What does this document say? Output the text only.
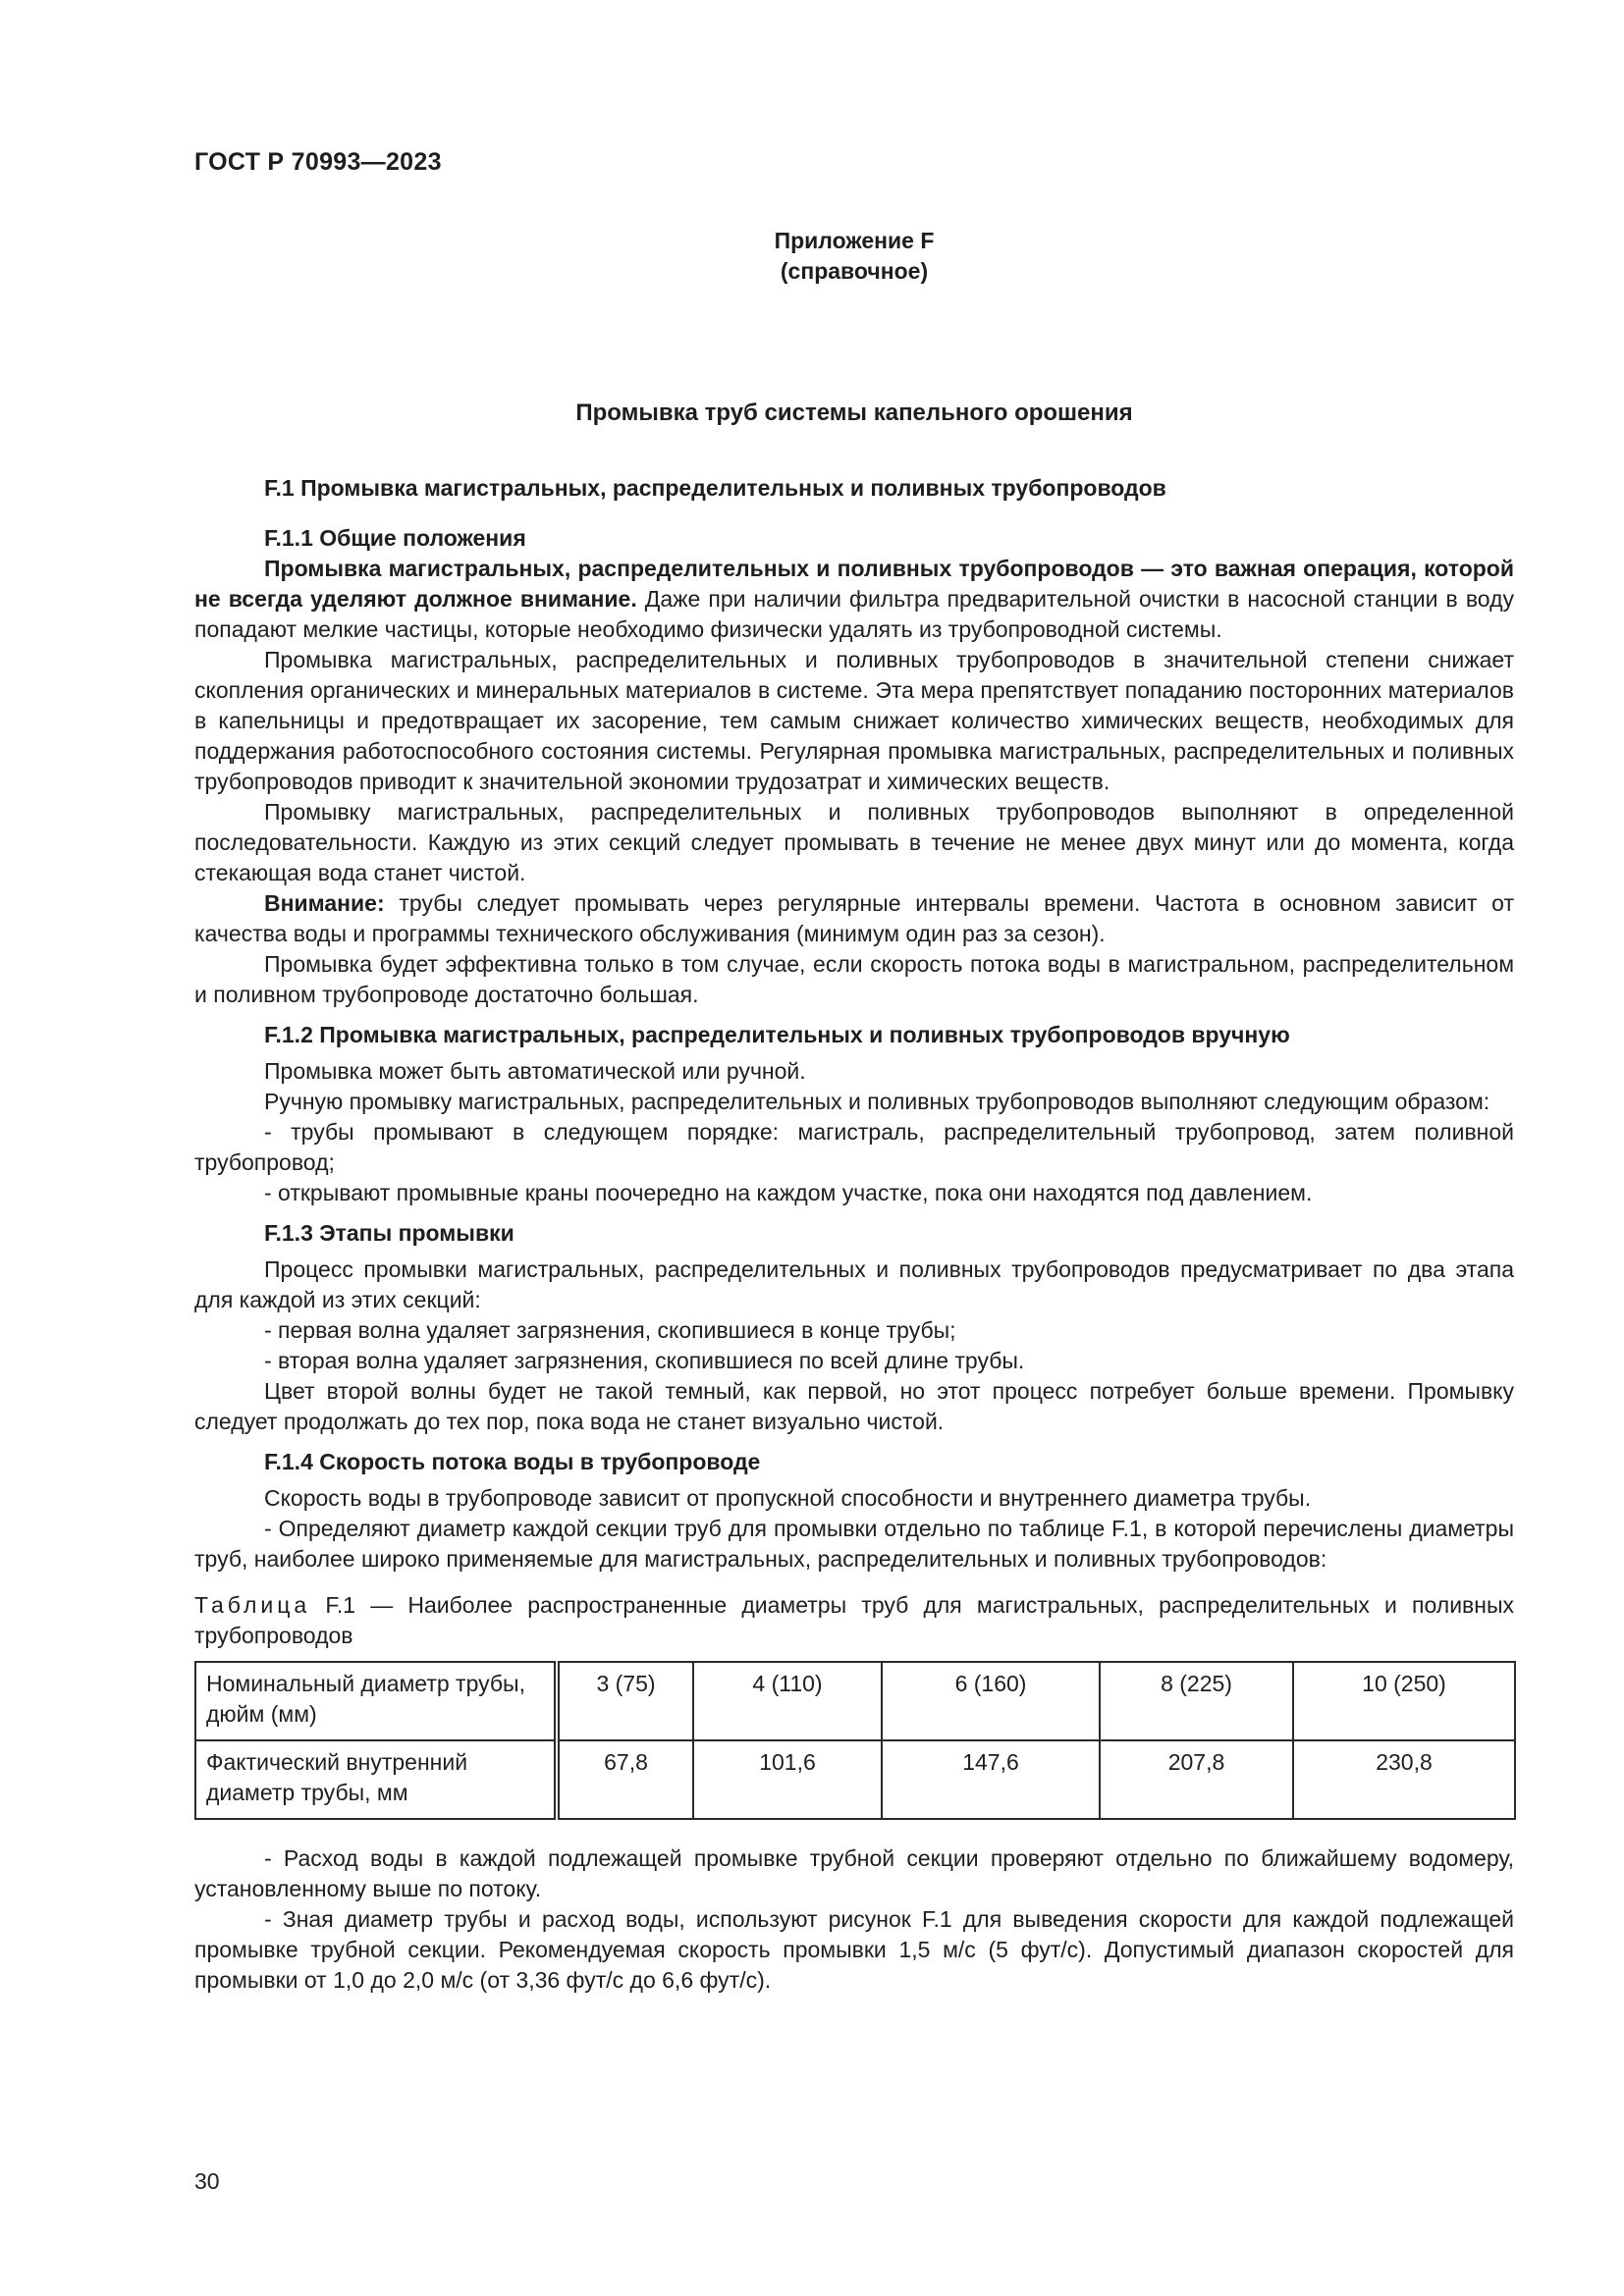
ГОСТ Р 70993—2023
Приложение F
(справочное)
Промывка труб системы капельного орошения
F.1 Промывка магистральных, распределительных и поливных трубопроводов
F.1.1 Общие положения

Промывка магистральных, распределительных и поливных трубопроводов — это важная операция, которой не всегда уделяют должное внимание. Даже при наличии фильтра предварительной очистки в насосной станции в воду попадают мелкие частицы, которые необходимо физически удалять из трубопроводной системы.

Промывка магистральных, распределительных и поливных трубопроводов в значительной степени снижает скопления органических и минеральных материалов в системе. Эта мера препятствует попаданию посторонних материалов в капельницы и предотвращает их засорение, тем самым снижает количество химических веществ, необходимых для поддержания работоспособного состояния системы. Регулярная промывка магистральных, распределительных и поливных трубопроводов приводит к значительной экономии трудозатрат и химических веществ.

Промывку магистральных, распределительных и поливных трубопроводов выполняют в определенной последовательности. Каждую из этих секций следует промывать в течение не менее двух минут или до момента, когда стекающая вода станет чистой.

Внимание: трубы следует промывать через регулярные интервалы времени. Частота в основном зависит от качества воды и программы технического обслуживания (минимум один раз за сезон).

Промывка будет эффективна только в том случае, если скорость потока воды в магистральном, распределительном и поливном трубопроводе достаточно большая.

F.1.2 Промывка магистральных, распределительных и поливных трубопроводов вручную

Промывка может быть автоматической или ручной.

Ручную промывку магистральных, распределительных и поливных трубопроводов выполняют следующим образом:

- трубы промывают в следующем порядке: магистраль, распределительный трубопровод, затем поливной трубопровод;

- открывают промывные краны поочередно на каждом участке, пока они находятся под давлением.

F.1.3 Этапы промывки

Процесс промывки магистральных, распределительных и поливных трубопроводов предусматривает по два этапа для каждой из этих секций:

- первая волна удаляет загрязнения, скопившиеся в конце трубы;

- вторая волна удаляет загрязнения, скопившиеся по всей длине трубы.

Цвет второй волны будет не такой темный, как первой, но этот процесс потребует больше времени. Промывку следует продолжать до тех пор, пока вода не станет визуально чистой.

F.1.4 Скорость потока воды в трубопроводе

Скорость воды в трубопроводе зависит от пропускной способности и внутреннего диаметра трубы.

- Определяют диаметр каждой секции труб для промывки отдельно по таблице F.1, в которой перечислены диаметры труб, наиболее широко применяемые для магистральных, распределительных и поливных трубопроводов:

Таблица F.1 — Наиболее распространенные диаметры труб для магистральных, распределительных и поливных трубопроводов
Номинальный диаметр трубы, дюйм (мм)	3 (75)	4 (110)	6 (160)	8 (225)	10 (250)
Фактический внутренний диаметр трубы, мм	67,8	101,6	147,6	207,8	230,8

- Расход воды в каждой подлежащей промывке трубной секции проверяют отдельно по ближайшему водомеру, установленному выше по потоку.

- Зная диаметр трубы и расход воды, используют рисунок F.1 для выведения скорости для каждой подлежащей промывке трубной секции. Рекомендуемая скорость промывки 1,5 м/с (5 фут/с). Допустимый диапазон скоростей для промывки от 1,0 до 2,0 м/с (от 3,36 фут/с до 6,6 фут/с).

30
